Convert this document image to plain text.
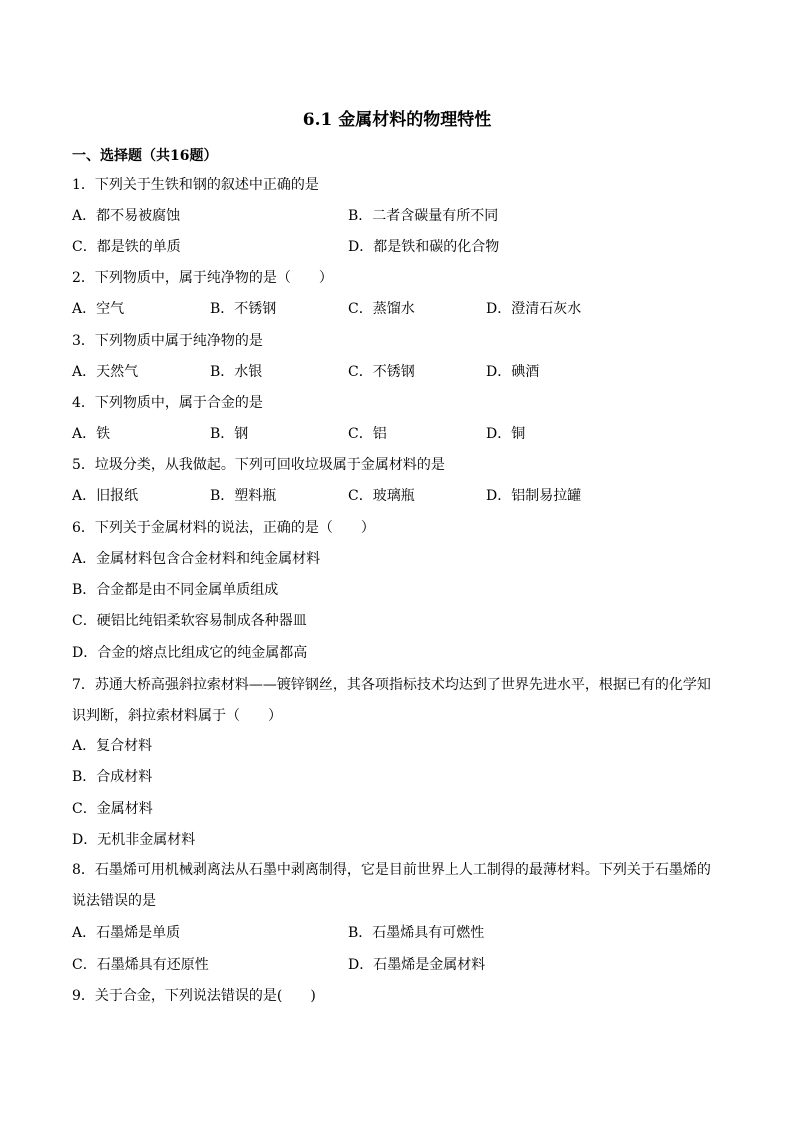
6.1 金属材料的物理特性
一、选择题（共16题）
1．下列关于生铁和钢的叙述中正确的是
A．都不易被腐蚀	B．二者含碳量有所不同
C．都是铁的单质	D．都是铁和碳的化合物
2．下列物质中，属于纯净物的是（　　）
A．空气	B．不锈钢	C．蒸馏水	D．澄清石灰水
3．下列物质中属于纯净物的是
A．天然气	B．水银	C．不锈钢	D．碘酒
4．下列物质中，属于合金的是
A．铁	B．钢	C．铝	D．铜
5．垃圾分类，从我做起。下列可回收垃圾属于金属材料的是
A．旧报纸	B．塑料瓶	C．玻璃瓶	D．铝制易拉罐
6．下列关于金属材料的说法，正确的是（　　）
A．金属材料包含合金材料和纯金属材料
B．合金都是由不同金属单质组成
C．硬铝比纯铝柔软容易制成各种器皿
D．合金的熔点比组成它的纯金属都高
7．苏通大桥高强斜拉索材料——镀锌钢丝，其各项指标技术均达到了世界先进水平，根据已有的化学知识判断，斜拉索材料属于（　　）
A．复合材料
B．合成材料
C．金属材料
D．无机非金属材料
8．石墨烯可用机械剥离法从石墨中剥离制得，它是目前世界上人工制得的最薄材料。下列关于石墨烯的说法错误的是
A．石墨烯是单质	B．石墨烯具有可燃性
C．石墨烯具有还原性	D．石墨烯是金属材料
9．关于合金，下列说法错误的是(　　)
